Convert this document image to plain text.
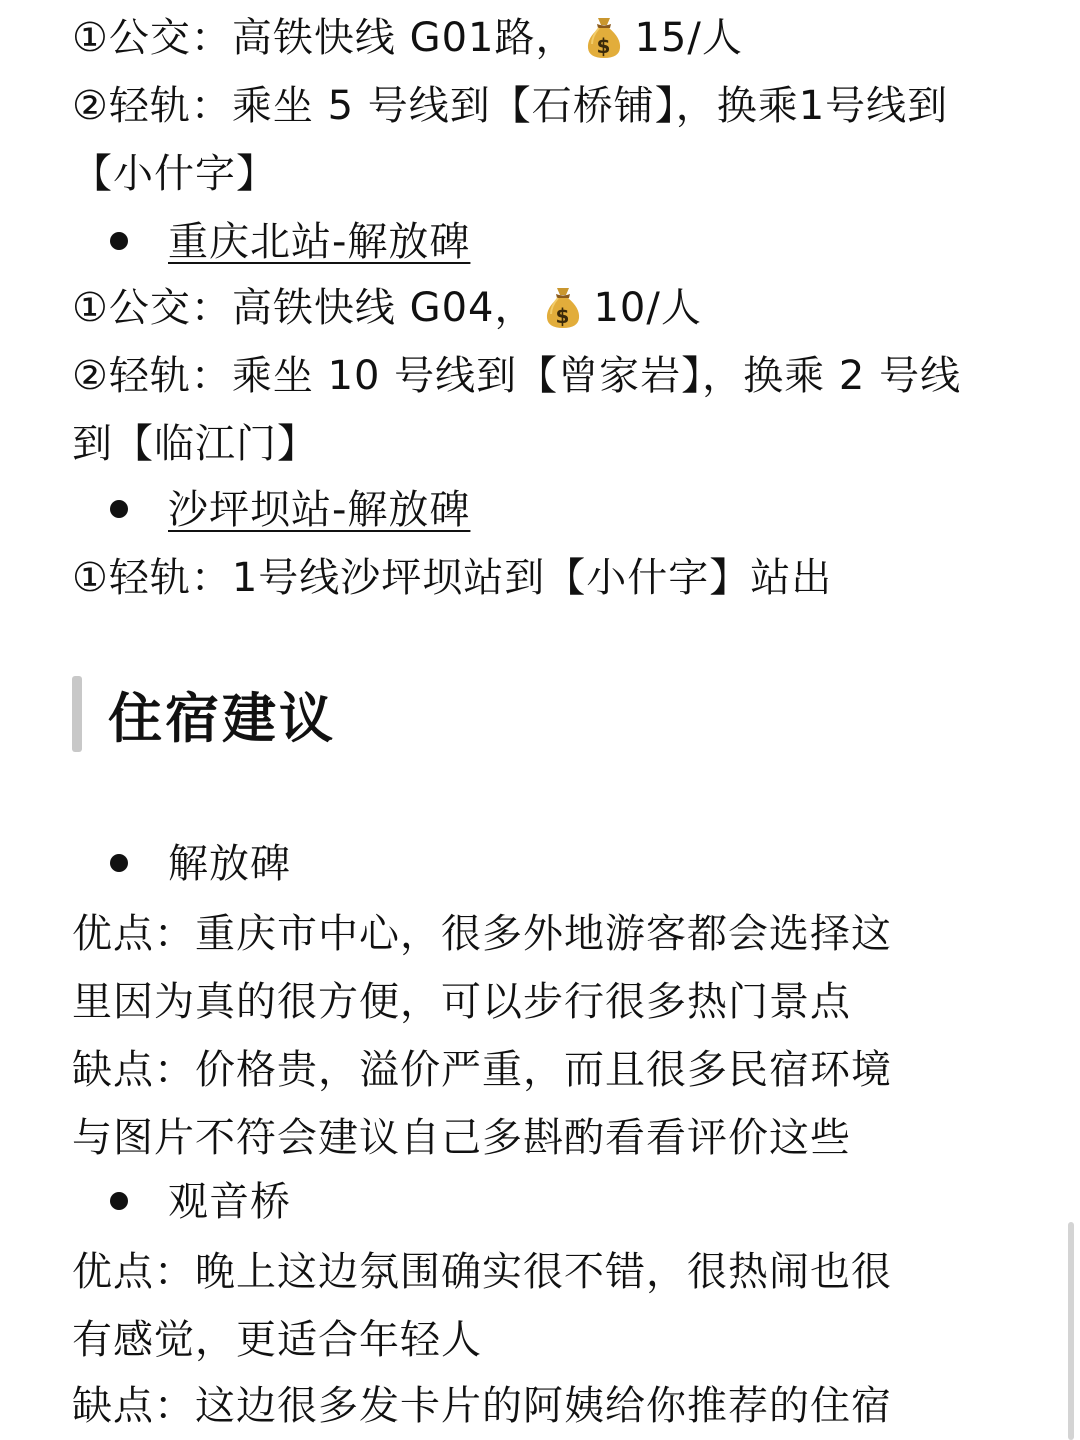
①公交：高铁快线 G01路， $ 15/人
②轻轨：乘坐 5 号线到【石桥铺】，换乘1号线到
【小什字】
重庆北站-解放碑
①公交：高铁快线 G04， $ 10/人
②轻轨：乘坐 10 号线到【曾家岩】，换乘 2 号线
到【临江门】
沙坪坝站-解放碑
①轻轨：1号线沙坪坝站到【小什字】站出
住宿建议
解放碑
优点：重庆市中心，很多外地游客都会选择这
里因为真的很方便，可以步行很多热门景点
缺点：价格贵，溢价严重，而且很多民宿环境
与图片不符会建议自己多斟酌看看评价这些
观音桥
优点：晚上这边氛围确实很不错，很热闹也很
有感觉，更适合年轻人
缺点：这边很多发卡片的阿姨给你推荐的住宿
